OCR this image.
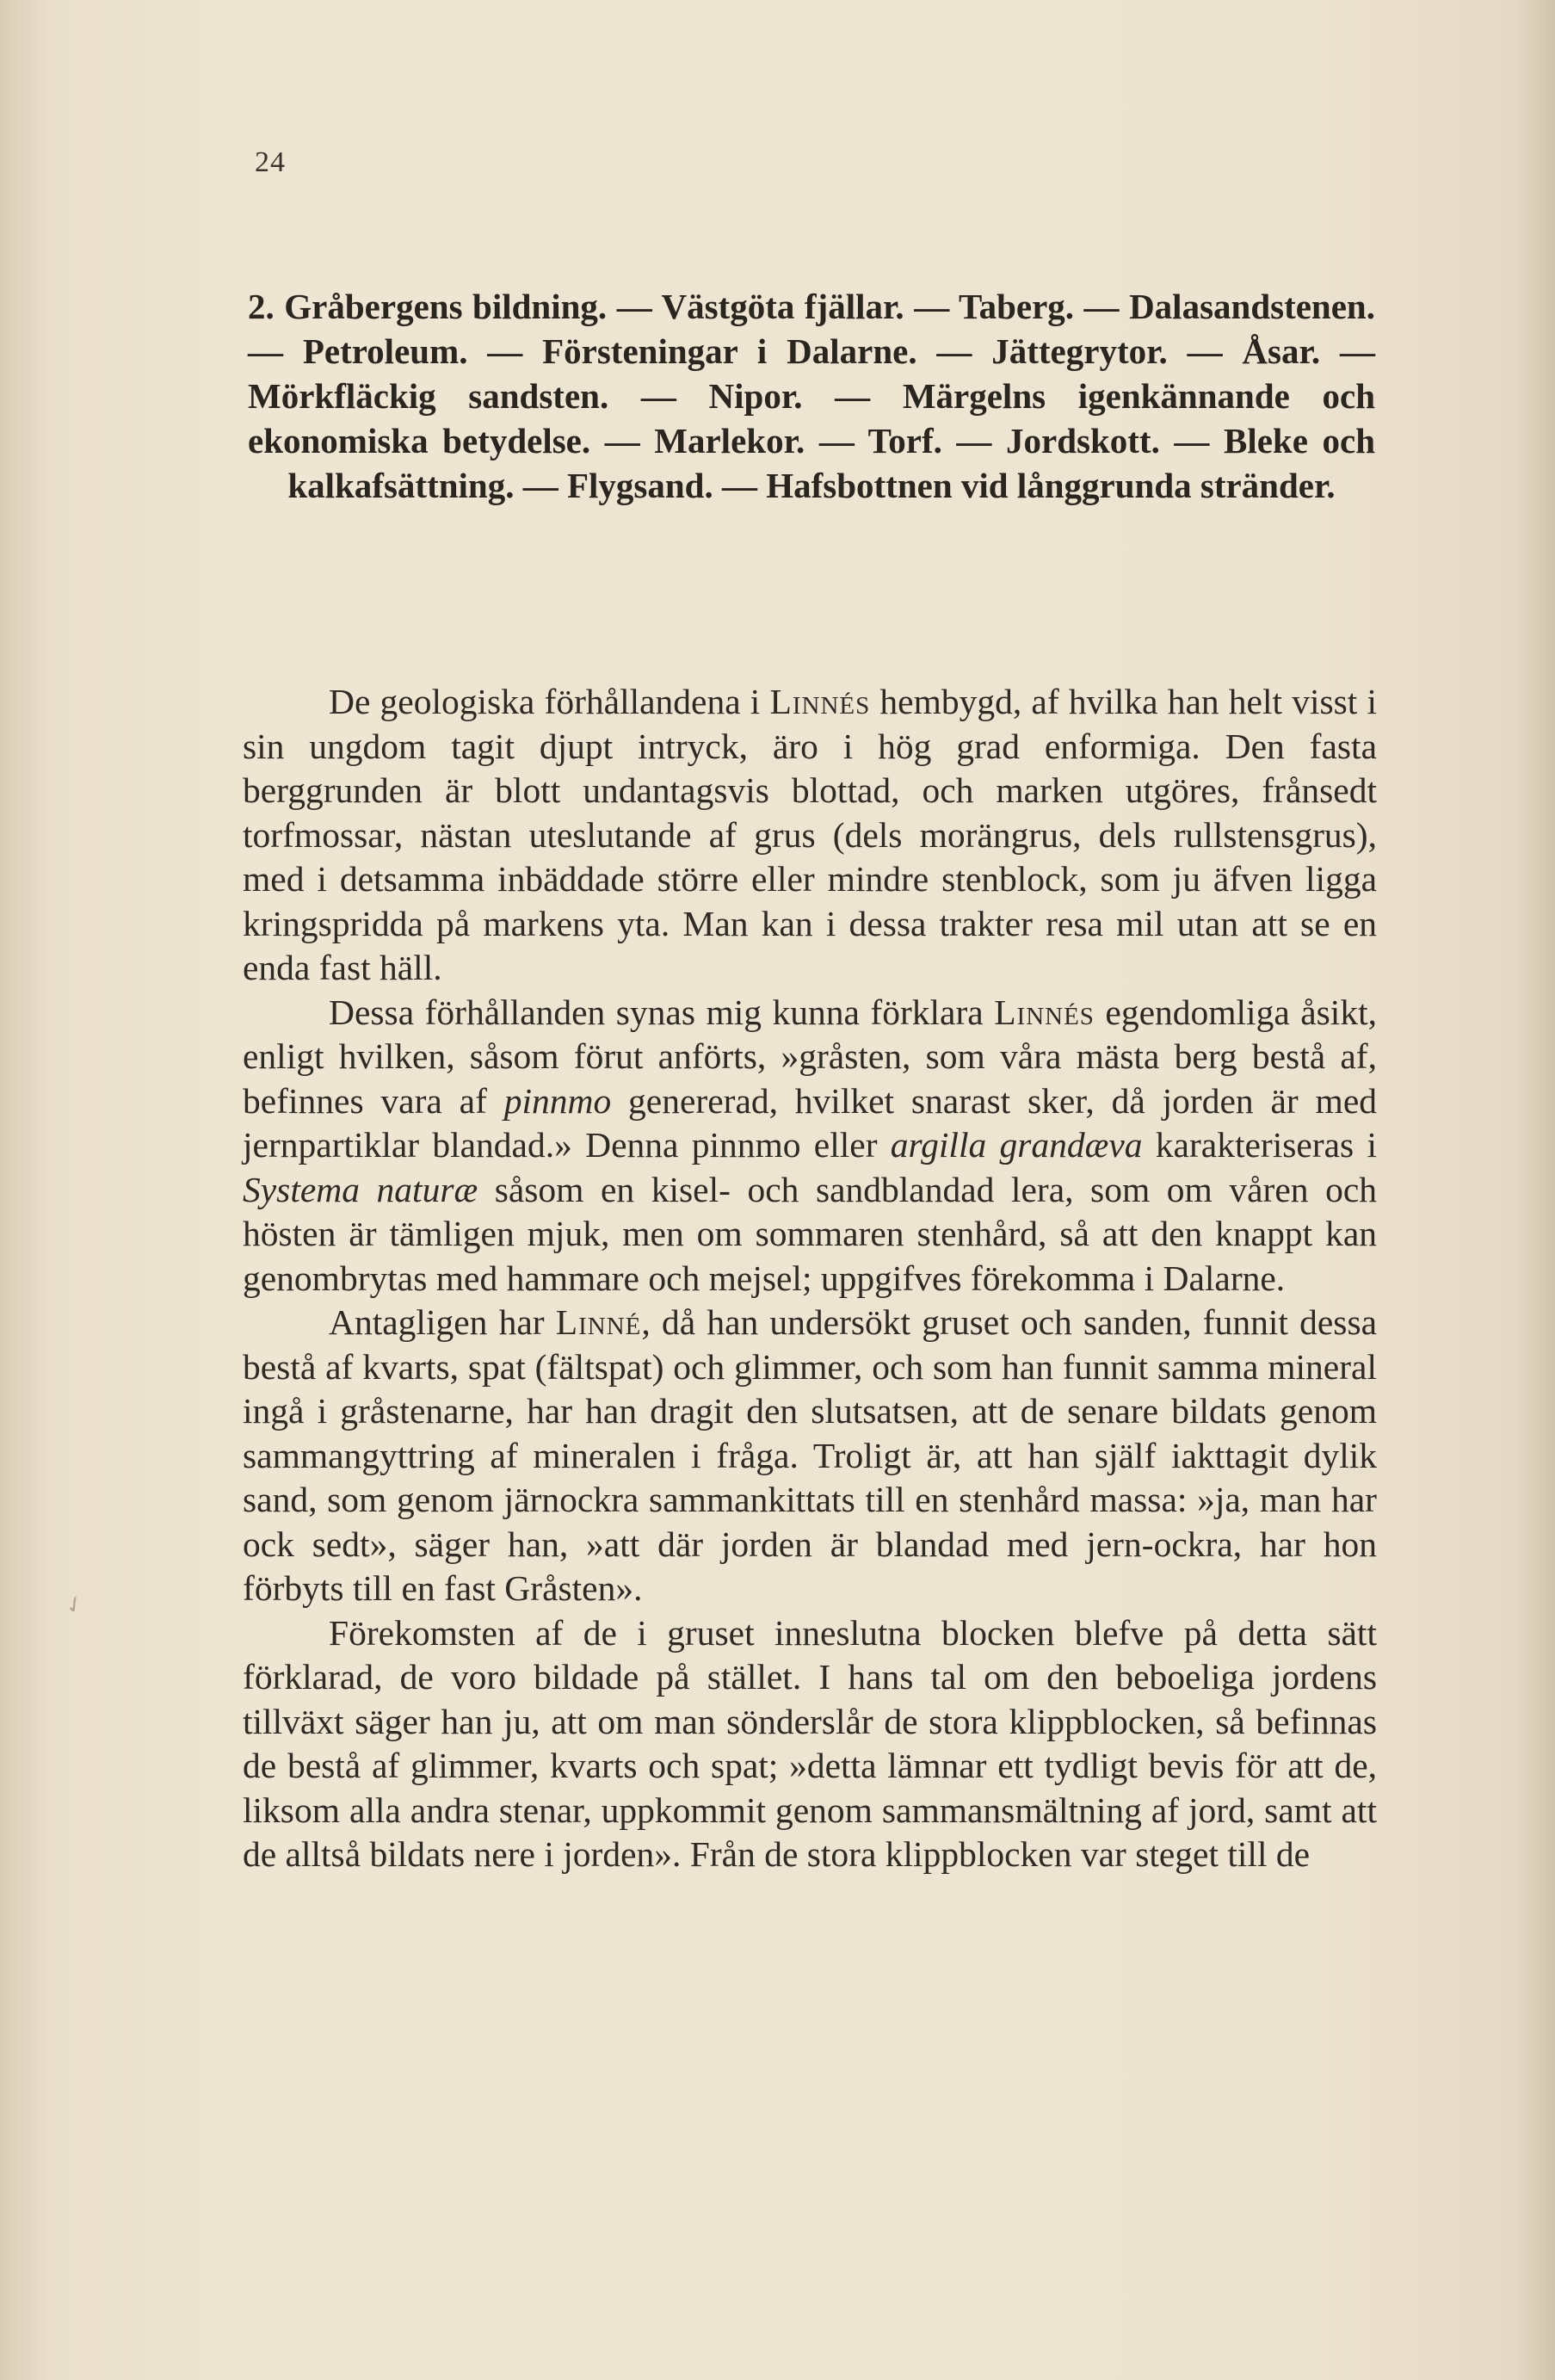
24
2. Gråbergens bildning. — Västgöta fjällar. — Taberg. — Dalasandstenen. — Petroleum. — Försteningar i Dalarne. — Jättegrytor. — Åsar. — Mörkfläckig sandsten. — Nipor. — Märgelns igenkännande och ekonomiska betydelse. — Marlekor. — Torf. — Jordskott. — Bleke och kalkafsättning. — Flygsand. — Hafsbottnen vid långgrunda stränder.

De geologiska förhållandena i Linnés hembygd, af hvilka han helt visst i sin ungdom tagit djupt intryck, äro i hög grad enformiga. Den fasta berggrunden är blott undantagsvis blottad, och marken utgöres, frånsedt torfmossar, nästan uteslutande af grus (dels morängrus, dels rullstensgrus), med i detsamma inbäddade större eller mindre stenblock, som ju äfven ligga kringspridda på markens yta. Man kan i dessa trakter resa mil utan att se en enda fast häll.

Dessa förhållanden synas mig kunna förklara Linnés egendomliga åsikt, enligt hvilken, såsom förut anförts, »gråsten, som våra mästa berg bestå af, befinnes vara af pinnmo genererad, hvilket snarast sker, då jorden är med jernpartiklar blandad.» Denna pinnmo eller argilla grandæva karakteriseras i Systema naturæ såsom en kisel- och sandblandad lera, som om våren och hösten är tämligen mjuk, men om sommaren stenhård, så att den knappt kan genombrytas med hammare och mejsel; uppgifves förekomma i Dalarne.

Antagligen har Linné, då han undersökt gruset och sanden, funnit dessa bestå af kvarts, spat (fältspat) och glimmer, och som han funnit samma mineral ingå i gråstenarne, har han dragit den slutsatsen, att de senare bildats genom sammangyttring af mineralen i fråga. Troligt är, att han själf iakttagit dylik sand, som genom järnockra sammankittats till en stenhård massa: »ja, man har ock sedt», säger han, »att där jorden är blandad med jern-ockra, har hon förbyts till en fast Gråsten».

Förekomsten af de i gruset inneslutna blocken blefve på detta sätt förklarad, de voro bildade på stället. I hans tal om den beboeliga jordens tillväxt säger han ju, att om man sönderslår de stora klippblocken, så befinnas de bestå af glimmer, kvarts och spat; »detta lämnar ett tydligt bevis för att de, liksom alla andra stenar, uppkommit genom sammansmältning af jord, samt att de alltså bildats nere i jorden». Från de stora klippblocken var steget till de

✓
